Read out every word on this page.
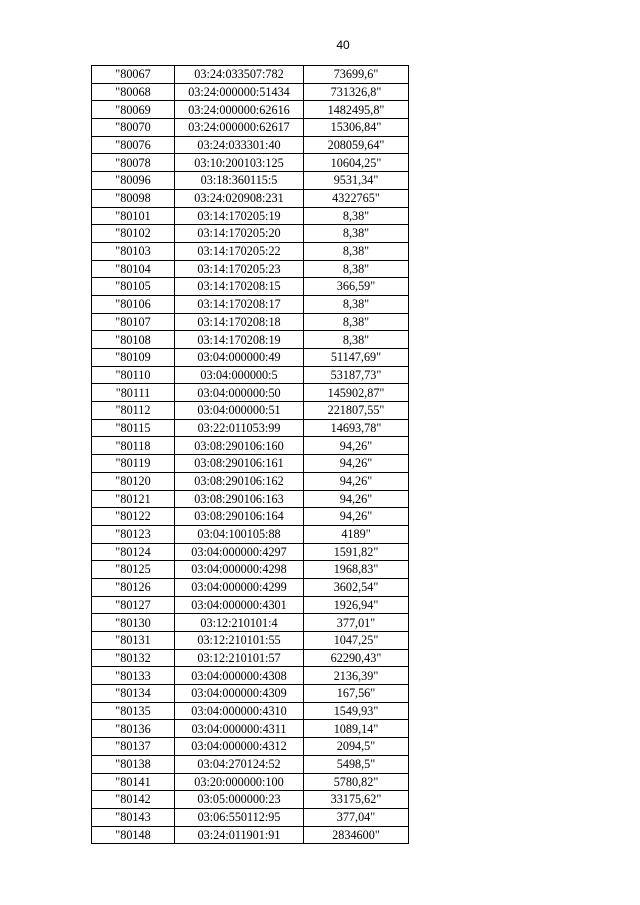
40
"80067	03:24:033507:782	73699,6"
"80068	03:24:000000:51434	731326,8"
"80069	03:24:000000:62616	1482495,8"
"80070	03:24:000000:62617	15306,84"
"80076	03:24:033301:40	208059,64"
"80078	03:10:200103:125	10604,25"
"80096	03:18:360115:5	9531,34"
"80098	03:24:020908:231	4322765"
"80101	03:14:170205:19	8,38"
"80102	03:14:170205:20	8,38"
"80103	03:14:170205:22	8,38"
"80104	03:14:170205:23	8,38"
"80105	03:14:170208:15	366,59"
"80106	03:14:170208:17	8,38"
"80107	03:14:170208:18	8,38"
"80108	03:14:170208:19	8,38"
"80109	03:04:000000:49	51147,69"
"80110	03:04:000000:5	53187,73"
"80111	03:04:000000:50	145902,87"
"80112	03:04:000000:51	221807,55"
"80115	03:22:011053:99	14693,78"
"80118	03:08:290106:160	94,26"
"80119	03:08:290106:161	94,26"
"80120	03:08:290106:162	94,26"
"80121	03:08:290106:163	94,26"
"80122	03:08:290106:164	94,26"
"80123	03:04:100105:88	4189"
"80124	03:04:000000:4297	1591,82"
"80125	03:04:000000:4298	1968,83"
"80126	03:04:000000:4299	3602,54"
"80127	03:04:000000:4301	1926,94"
"80130	03:12:210101:4	377,01"
"80131	03:12:210101:55	1047,25"
"80132	03:12:210101:57	62290,43"
"80133	03:04:000000:4308	2136,39"
"80134	03:04:000000:4309	167,56"
"80135	03:04:000000:4310	1549,93"
"80136	03:04:000000:4311	1089,14"
"80137	03:04:000000:4312	2094,5"
"80138	03:04:270124:52	5498,5"
"80141	03:20:000000:100	5780,82"
"80142	03:05:000000:23	33175,62"
"80143	03:06:550112:95	377,04"
"80148	03:24:011901:91	2834600"
